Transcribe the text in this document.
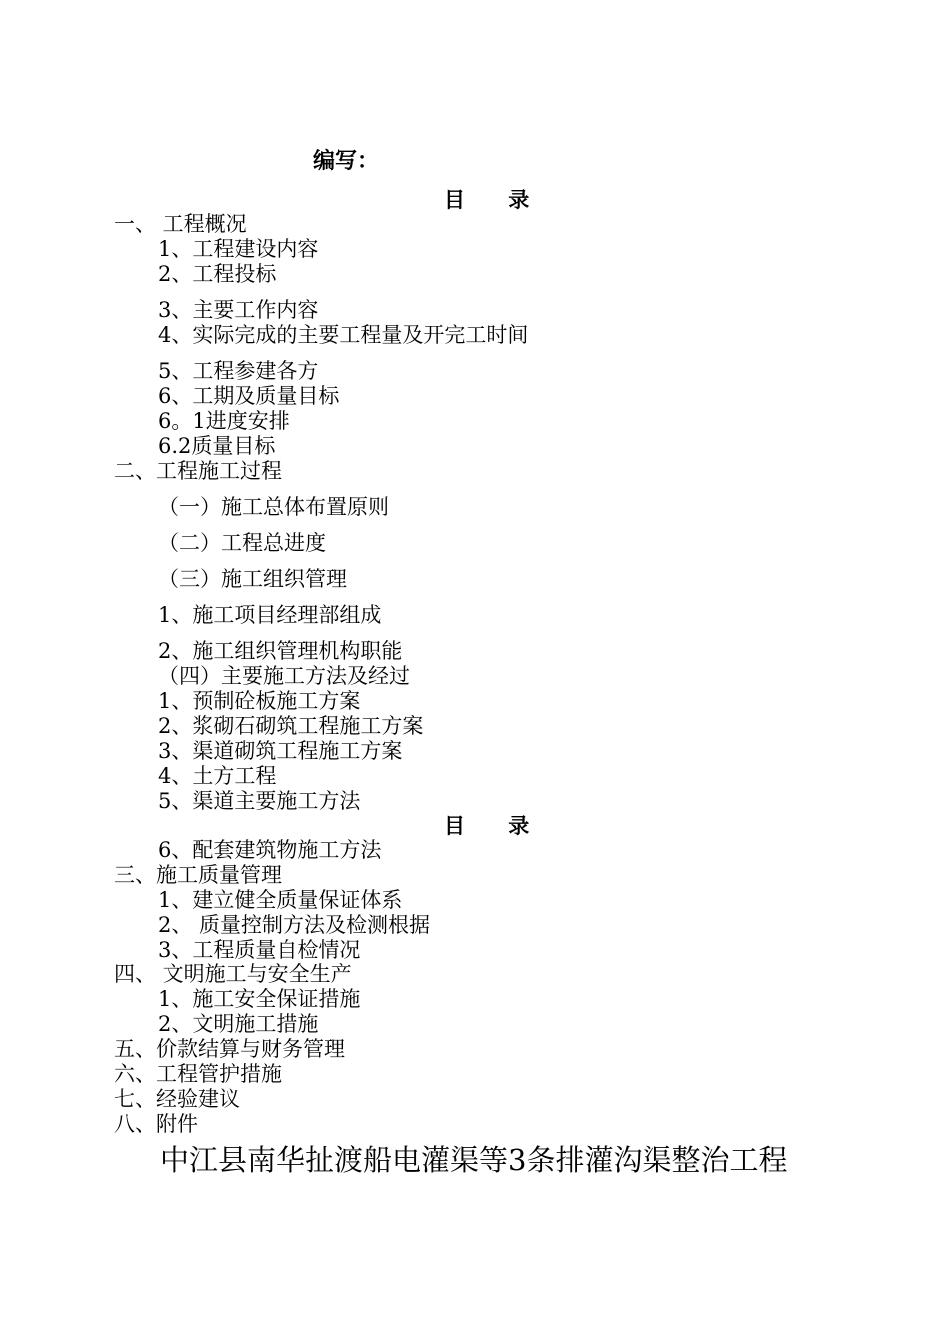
编写：
目 录
一、 工程概况
1、工程建设内容
2、工程投标
3、主要工作内容
4、实际完成的主要工程量及开完工时间
5、工程参建各方
6、工期及质量目标
6。1进度安排
6.2质量目标
二、工程施工过程
（一）施工总体布置原则
（二）工程总进度
（三）施工组织管理
1、施工项目经理部组成
2、施工组织管理机构职能
（四）主要施工方法及经过
1、预制砼板施工方案
2、浆砌石砌筑工程施工方案
3、渠道砌筑工程施工方案
4、土方工程
5、渠道主要施工方法
目 录
6、配套建筑物施工方法
三、施工质量管理
1、建立健全质量保证体系
2、 质量控制方法及检测根据
3、工程质量自检情况
四、 文明施工与安全生产
1、施工安全保证措施
2、文明施工措施
五、价款结算与财务管理
六、工程管护措施
七、经验建议
八、附件
中江县南华扯渡船电灌渠等3条排灌沟渠整治工程
